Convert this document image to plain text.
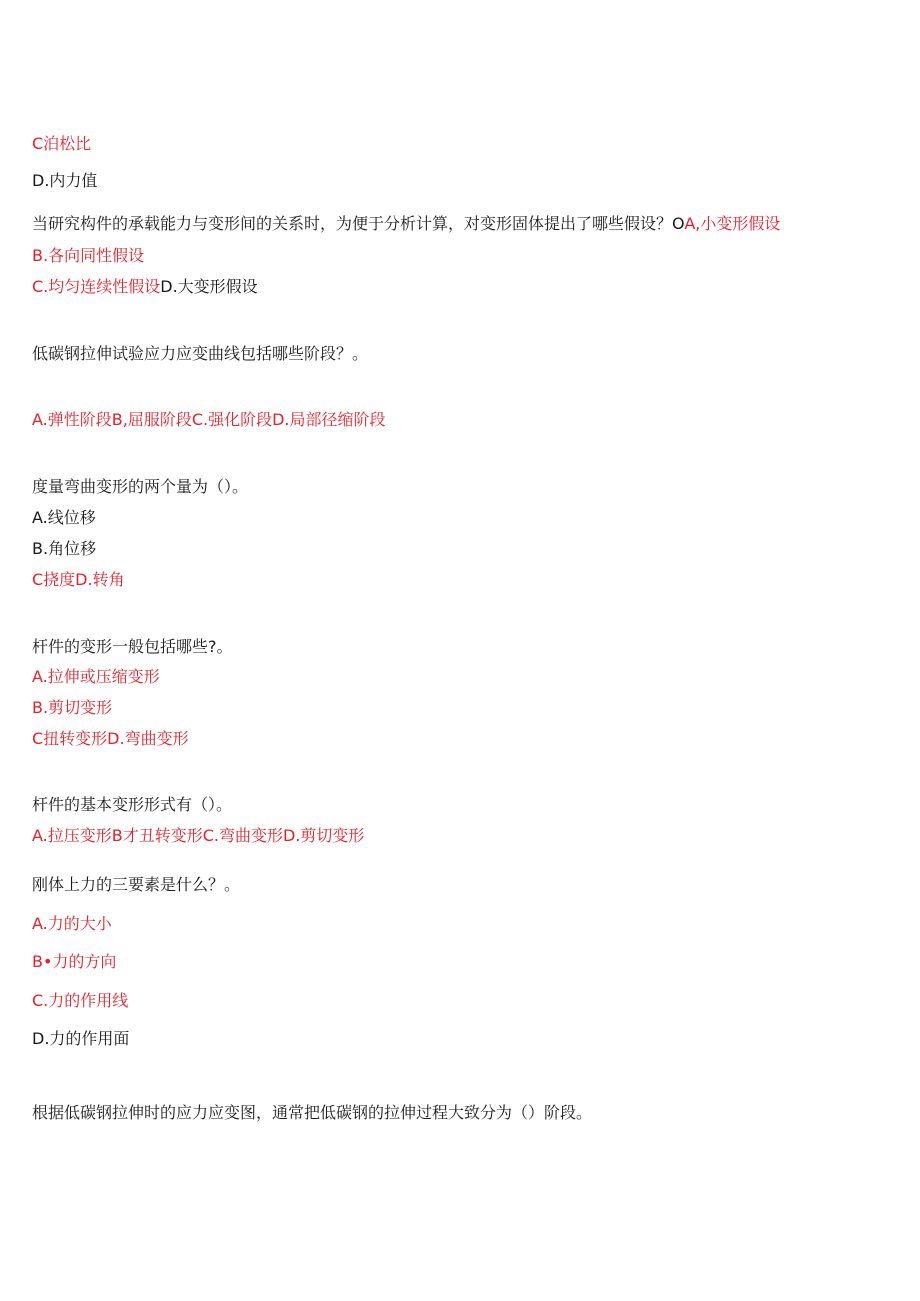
C泊松比
D.内力值
当研究构件的承载能力与变形间的关系时，为便于分析计算，对变形固体提出了哪些假设？OA,小变形假设
B.各向同性假设
C.均匀连续性假设D.大变形假设
低碳钢拉伸试验应力应变曲线包括哪些阶段？。
A.弹性阶段B,屈服阶段C.强化阶段D.局部径缩阶段
度量弯曲变形的两个量为（）。
A.线位移
B.角位移
C挠度D.转角
杆件的变形一般包括哪些?。
A.拉伸或压缩变形
B.剪切变形
C扭转变形D.弯曲变形
杆件的基本变形形式有（）。
A.拉压变形B才丑转变形C.弯曲变形D.剪切变形
刚体上力的三要素是什么？。
A.力的大小
B•力的方向
C.力的作用线
D.力的作用面
根据低碳钢拉伸时的应力应变图，通常把低碳钢的拉伸过程大致分为（）阶段。
